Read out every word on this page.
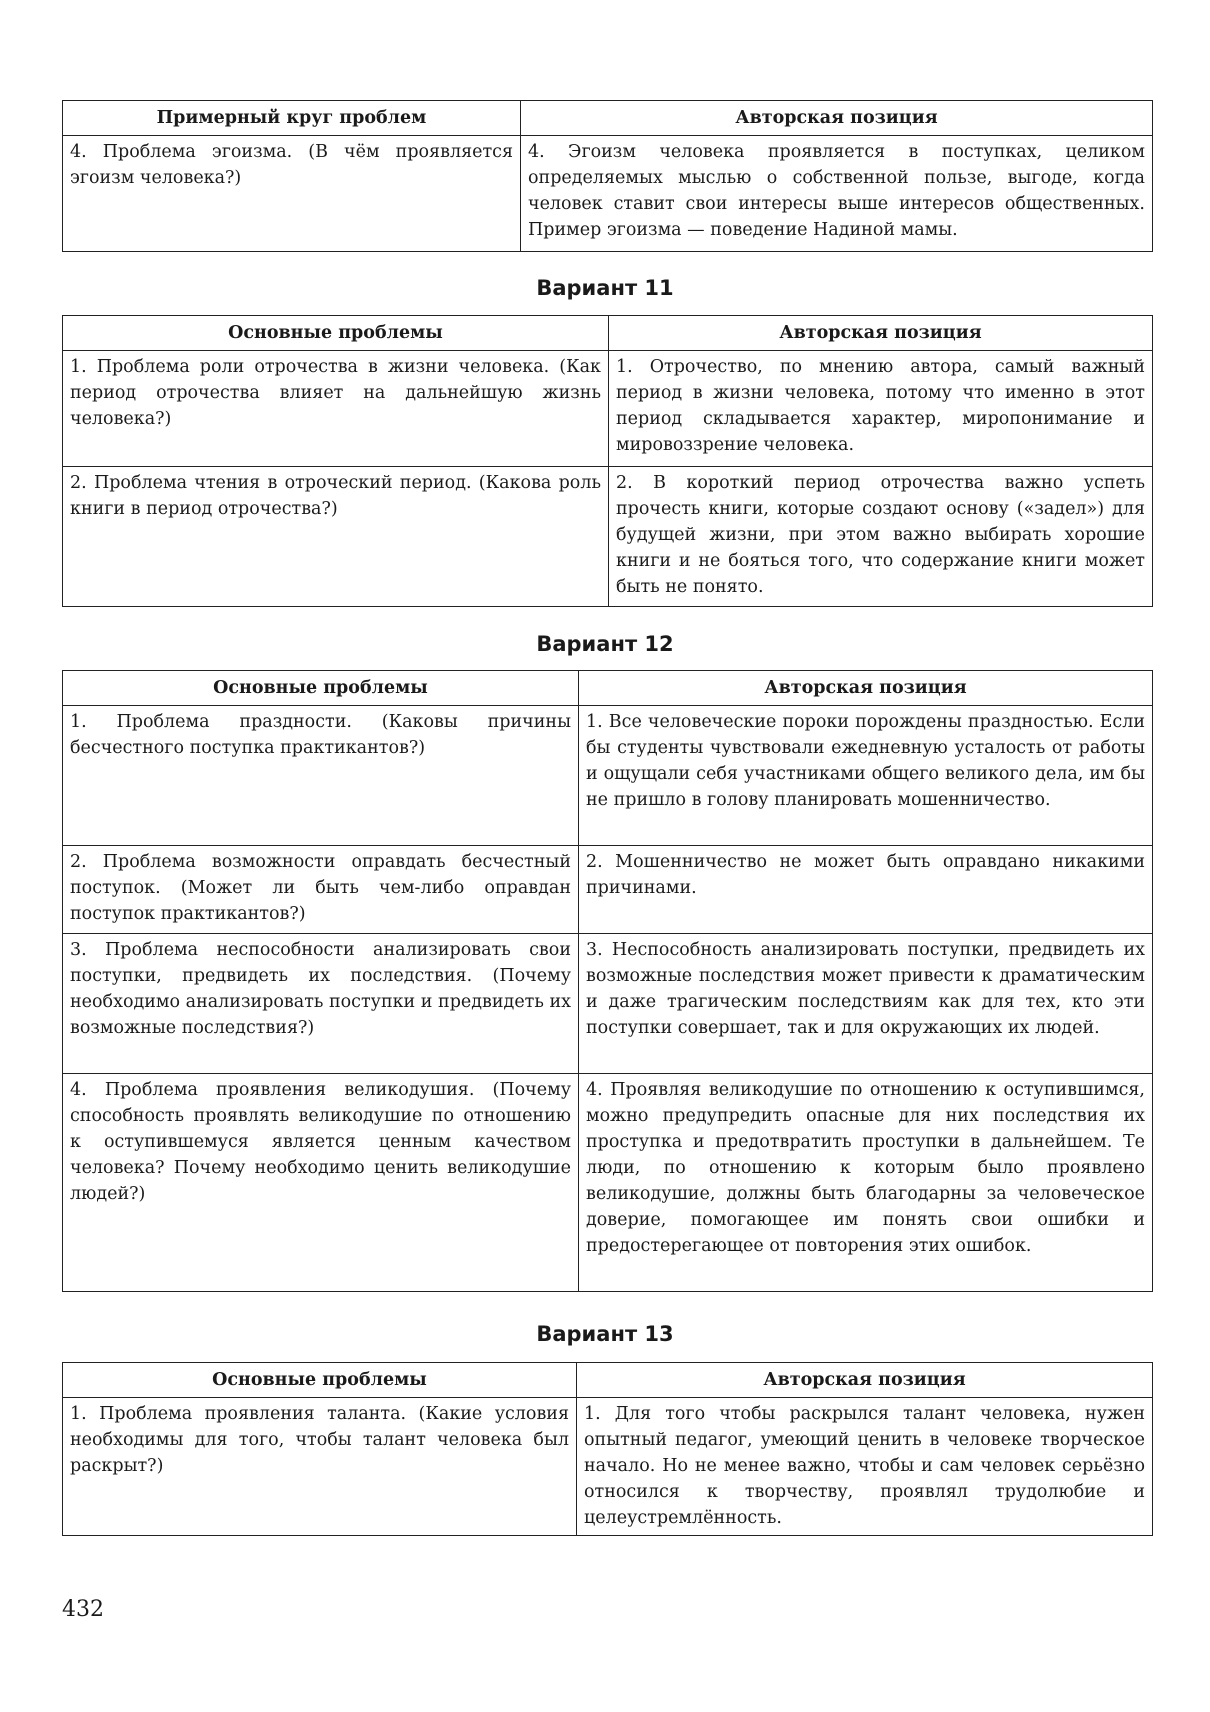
Примерный круг проблем	Авторская позиция
4. Проблема эгоизма. (В чём проявляется эгоизм человека?)	4. Эгоизм человека проявляется в поступках, целиком определяемых мыслью о собственной пользе, выгоде, когда человек ставит свои интересы выше интересов общественных. Пример эгоизма — поведение Надиной мамы.
Вариант 11
Основные проблемы	Авторская позиция
1. Проблема роли отрочества в жизни человека. (Как период отрочества влияет на дальнейшую жизнь человека?)	1. Отрочество, по мнению автора, самый важный период в жизни человека, потому что именно в этот период складывается характер, миропонимание и мировоззрение человека.
2. Проблема чтения в отроческий период. (Какова роль книги в период отрочества?)	2. В короткий период отрочества важно успеть прочесть книги, которые создают основу («задел») для будущей жизни, при этом важно выбирать хорошие книги и не бояться того, что содержание книги может быть не понято.
Вариант 12
Основные проблемы	Авторская позиция
1. Проблема праздности. (Каковы причины бесчестного поступка практикантов?)	1. Все человеческие пороки порождены праздностью. Если бы студенты чувствовали ежедневную усталость от работы и ощущали себя участниками общего великого дела, им бы не пришло в голову планировать мошенничество.
2. Проблема возможности оправдать бесчестный поступок. (Может ли быть чем-либо оправдан поступок практикантов?)	2. Мошенничество не может быть оправдано никакими причинами.
3. Проблема неспособности анализировать свои поступки, предвидеть их последствия. (Почему необходимо анализировать поступки и предвидеть их возможные последствия?)	3. Неспособность анализировать поступки, предвидеть их возможные последствия может привести к драматическим и даже трагическим последствиям как для тех, кто эти поступки совершает, так и для окружающих их людей.
4. Проблема проявления великодушия. (Почему способность проявлять великодушие по отношению к оступившемуся является ценным качеством человека? Почему необходимо ценить великодушие людей?)	4. Проявляя великодушие по отношению к оступившимся, можно предупредить опасные для них последствия их проступка и предотвратить проступки в дальнейшем. Те люди, по отношению к которым было проявлено великодушие, должны быть благодарны за человеческое доверие, помогающее им понять свои ошибки и предостерегающее от повторения этих ошибок.
Вариант 13
Основные проблемы	Авторская позиция
1. Проблема проявления таланта. (Какие условия необходимы для того, чтобы талант человека был раскрыт?)	1. Для того чтобы раскрылся талант человека, нужен опытный педагог, умеющий ценить в человеке творческое начало. Но не менее важно, чтобы и сам человек серьёзно относился к творчеству, проявлял трудолюбие и целеустремлённость.
432
